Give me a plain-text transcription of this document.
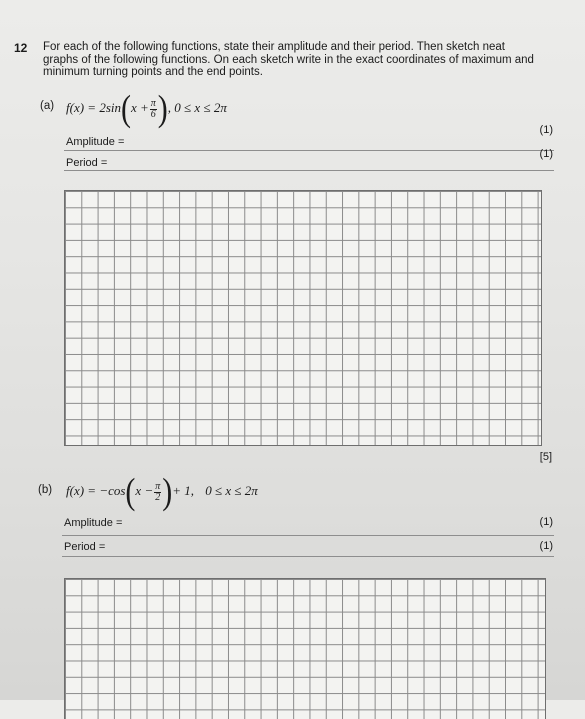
12 For each of the following functions, state their amplitude and their period. Then sketch neat
graphs of the following functions. On each sketch write in the exact coordinates of maximum and
minimum turning points and the end points.
(a) $f(x) = 2\sin(x + \frac{\pi}{6}$ ), 0 ≤ x ≤ 2π
(1)
Amplitude =
(1)
Period =
[5]
(b) $f(x) = -\cos(x - \frac{\pi}{2}$ )+ 1, 0 ≤ x ≤ 2π
Amplitude =	(1)
Period =	(1)
